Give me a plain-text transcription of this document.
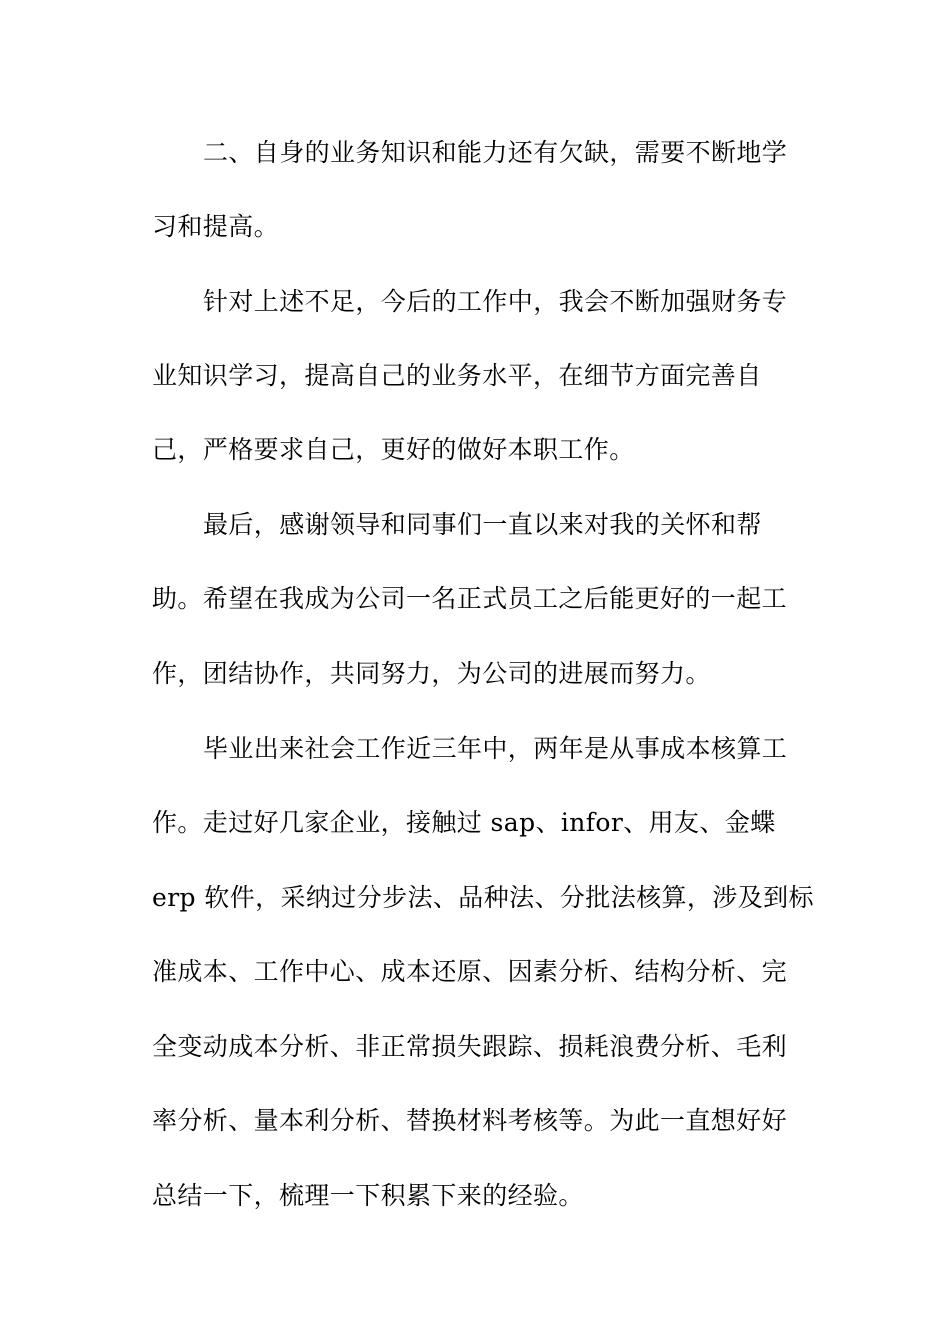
二、自身的业务知识和能力还有欠缺，需要不断地学
习和提高。
针对上述不足，今后的工作中，我会不断加强财务专
业知识学习，提高自己的业务水平，在细节方面完善自
己，严格要求自己，更好的做好本职工作。
最后，感谢领导和同事们一直以来对我的关怀和帮
助。希望在我成为公司一名正式员工之后能更好的一起工
作，团结协作，共同努力，为公司的进展而努力。
毕业出来社会工作近三年中，两年是从事成本核算工
作。走过好几家企业，接触过 sap、infor、用友、金蝶
erp 软件，采纳过分步法、品种法、分批法核算，涉及到标
准成本、工作中心、成本还原、因素分析、结构分析、完
全变动成本分析、非正常损失跟踪、损耗浪费分析、毛利
率分析、量本利分析、替换材料考核等。为此一直想好好
总结一下，梳理一下积累下来的经验。
